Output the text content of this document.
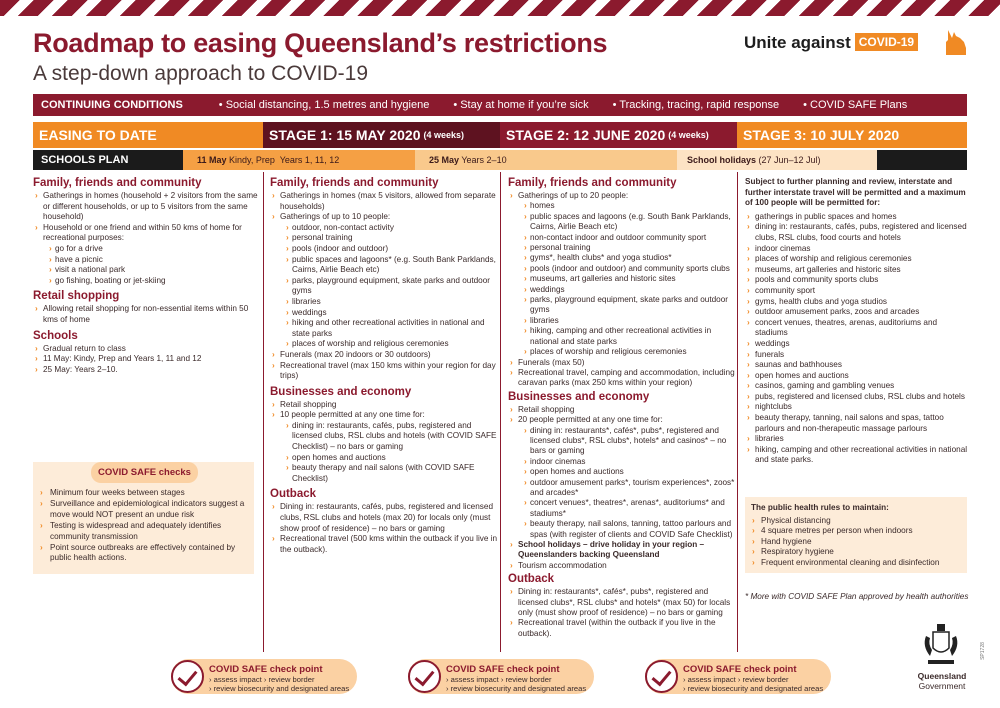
Roadmap to easing Queensland’s restrictions
A step-down approach to COVID-19
Unite against COVID-19
CONTINUING CONDITIONS	• Social distancing, 1.5 metres and hygiene • Stay at home if you’re sick • Tracking, tracing, rapid response • COVID SAFE Plans
EASING TO DATE	STAGE 1: 15 MAY 2020 (4 weeks)	STAGE 2: 12 JUNE 2020 (4 weeks) STAGE 3: 10 JULY 2020
SCHOOLS PLAN	11 May Kindy, Prep  Years 1, 11, 12	25 May Years 2–10	School holidays (27 Jun–12 Jul)
Family, friends and community
› Gatherings in homes (household + 2 visitors from the same or different households, or up to 5 visitors from the same household)
› Household or one friend and within 50 kms of home for recreational purposes:
› go for a drive
› have a picnic
› visit a national park
› go fishing, boating or jet-skiing
Retail shopping
› Allowing retail shopping for non-essential items within 50 kms of home
Schools
› Gradual return to class
› 11 May: Kindy, Prep and Years 1, 11 and 12
› 25 May: Years 2–10.
COVID SAFE checks
› Minimum four weeks between stages
› Surveillance and epidemiological indicators suggest a move would NOT present an undue risk
› Testing is widespread and adequately identifies community transmission
› Point source outbreaks are effectively contained by public health actions.
Family, friends and community
› Gatherings in homes (max 5 visitors, allowed from separate households)
› Gatherings of up to 10 people:
› outdoor, non-contact activity
› personal training
› pools (indoor and outdoor)
› public spaces and lagoons* (e.g. South Bank Parklands, Cairns, Airlie Beach etc)
› parks, playground equipment, skate parks and outdoor gyms
› libraries
› weddings
› hiking and other recreational activities in national and state parks
› places of worship and religious ceremonies
› Funerals (max 20 indoors or 30 outdoors)
› Recreational travel (max 150 kms within your region for day trips)
Businesses and economy
› Retail shopping
› 10 people permitted at any one time for:
› dining in: restaurants, cafés, pubs, registered and licensed clubs, RSL clubs and hotels (with COVID SAFE Checklist) – no bars or gaming
› open homes and auctions
› beauty therapy and nail salons (with COVID SAFE Checklist)
Outback
› Dining in: restaurants, cafés, pubs, registered and licensed clubs, RSL clubs and hotels (max 20) for locals only (must show proof of residence) – no bars or gaming
› Recreational travel (500 kms within the outback if you live in the outback).
Family, friends and community
› Gatherings of up to 20 people:
› homes
› public spaces and lagoons (e.g. South Bank Parklands, Cairns, Airlie Beach etc)
› non-contact indoor and outdoor community sport
› personal training
› gyms*, health clubs* and yoga studios*
› pools (indoor and outdoor) and community sports clubs
› museums, art galleries and historic sites
› weddings
› parks, playground equipment, skate parks and outdoor gyms
› libraries
› hiking, camping and other recreational activities in national and state parks
› places of worship and religious ceremonies
› Funerals (max 50)
› Recreational travel, camping and accommodation, including caravan parks (max 250 kms within your region)
Businesses and economy
› Retail shopping
› 20 people permitted at any one time for:
› dining in: restaurants*, cafés*, pubs*, registered and licensed clubs*, RSL clubs*, hotels* and casinos* – no bars or gaming
› indoor cinemas
› open homes and auctions
› outdoor amusement parks*, tourism experiences*, zoos* and arcades*
› concert venues*, theatres*, arenas*, auditoriums* and stadiums*
› beauty therapy, nail salons, tanning, tattoo parlours and spas (with register of clients and COVID Safe Checklist)
› School holidays – drive holiday in your region – Queenslanders backing Queensland
› Tourism accommodation
Outback
› Dining in: restaurants*, cafés*, pubs*, registered and licensed clubs*, RSL clubs* and hotels* (max 50) for locals only (must show proof of residence) – no bars or gaming
› Recreational travel (within the outback if you live in the outback).
Subject to further planning and review, interstate and further interstate travel will be permitted and a maximum of 100 people will be permitted for:
› gatherings in public spaces and homes
› dining in: restaurants, cafés, pubs, registered and licensed clubs, RSL clubs, food courts and hotels
› indoor cinemas
› places of worship and religious ceremonies
› museums, art galleries and historic sites
› pools and community sports clubs
› community sport
› gyms, health clubs and yoga studios
› outdoor amusement parks, zoos and arcades
› concert venues, theatres, arenas, auditoriums and stadiums
› weddings
› funerals
› saunas and bathhouses
› open homes and auctions
› casinos, gaming and gambling venues
› pubs, registered and licensed clubs, RSL clubs and hotels
› nightclubs
› beauty therapy, tanning, nail salons and spas, tattoo parlours and non-therapeutic massage parlours
› libraries
› hiking, camping and other recreational activities in national and state parks.
The public health rules to maintain:
› Physical distancing
› 4 square metres per person when indoors
› Hand hygiene
› Respiratory hygiene
› Frequent environmental cleaning and disinfection
* More with COVID SAFE Plan approved by health authorities
COVID SAFE check point
› assess impact › review border
› review biosecurity and designated areas
COVID SAFE check point
› assess impact › review border
› review biosecurity and designated areas
COVID SAFE check point
› assess impact › review border
› review biosecurity and designated areas
Queensland
Government
SP1728
